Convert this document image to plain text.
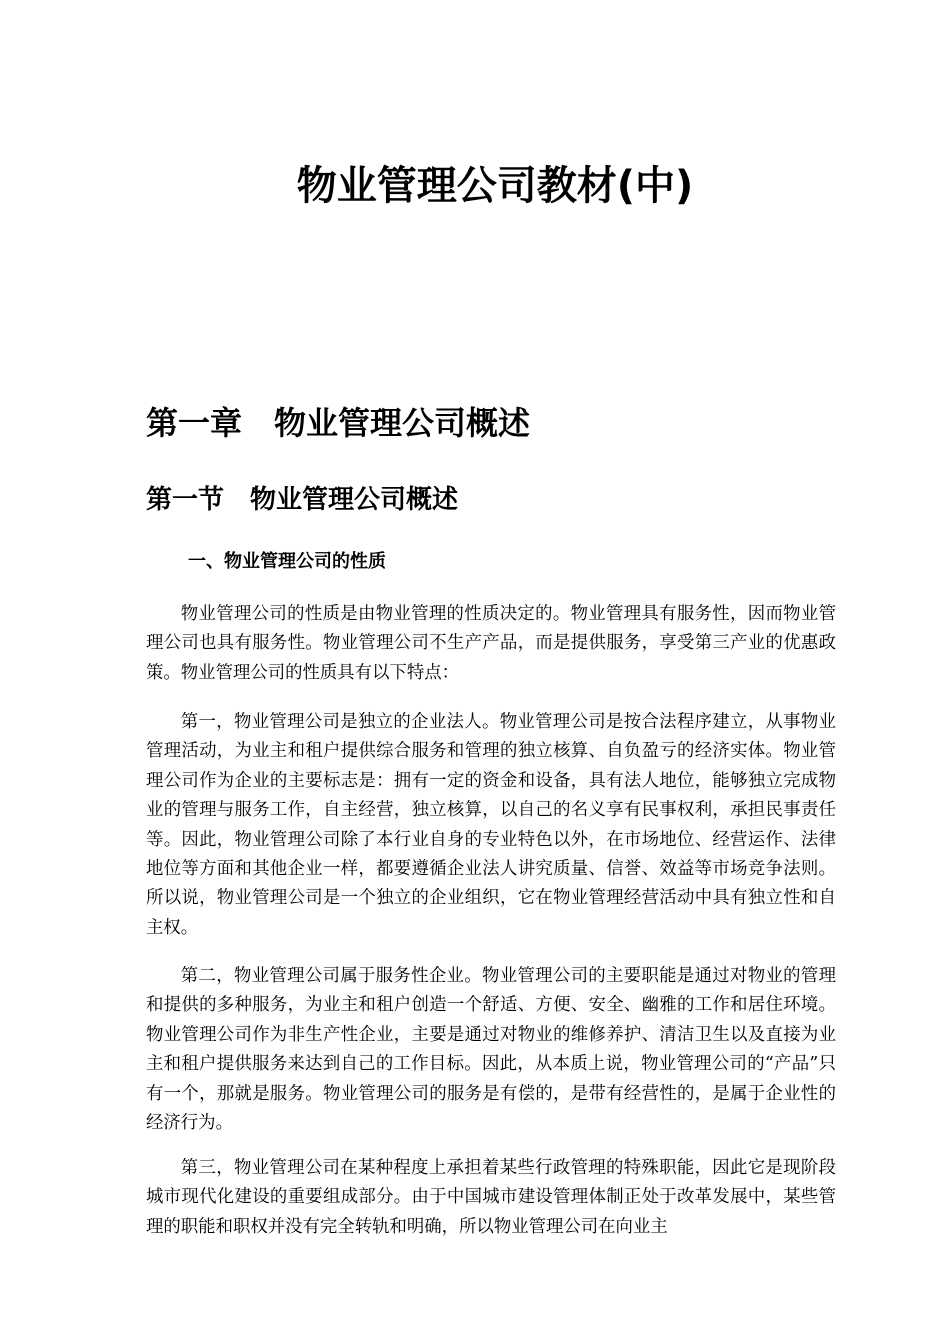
物业管理公司教材(中)
第一章　物业管理公司概述
第一节　物业管理公司概述
一、物业管理公司的性质

物业管理公司的性质是由物业管理的性质决定的。物业管理具有服务性，因而物业管理公司也具有服务性。物业管理公司不生产产品，而是提供服务，享受第三产业的优惠政策。物业管理公司的性质具有以下特点：

第一，物业管理公司是独立的企业法人。物业管理公司是按合法程序建立，从事物业管理活动，为业主和租户提供综合服务和管理的独立核算、自负盈亏的经济实体。物业管理公司作为企业的主要标志是：拥有一定的资金和设备，具有法人地位，能够独立完成物业的管理与服务工作，自主经营，独立核算，以自己的名义享有民事权利，承担民事责任等。因此，物业管理公司除了本行业自身的专业特色以外，在市场地位、经营运作、法律地位等方面和其他企业一样，都要遵循企业法人讲究质量、信誉、效益等市场竞争法则。所以说，物业管理公司是一个独立的企业组织，它在物业管理经营活动中具有独立性和自主权。

第二，物业管理公司属于服务性企业。物业管理公司的主要职能是通过对物业的管理和提供的多种服务，为业主和租户创造一个舒适、方便、安全、幽雅的工作和居住环境。物业管理公司作为非生产性企业，主要是通过对物业的维修养护、清洁卫生以及直接为业主和租户提供服务来达到自己的工作目标。因此，从本质上说，物业管理公司的“产品”只有一个，那就是服务。物业管理公司的服务是有偿的，是带有经营性的，是属于企业性的经济行为。

第三，物业管理公司在某种程度上承担着某些行政管理的特殊职能，因此它是现阶段城市现代化建设的重要组成部分。由于中国城市建设管理体制正处于改革发展中，某些管理的职能和职权并没有完全转轨和明确，所以物业管理公司在向业主
